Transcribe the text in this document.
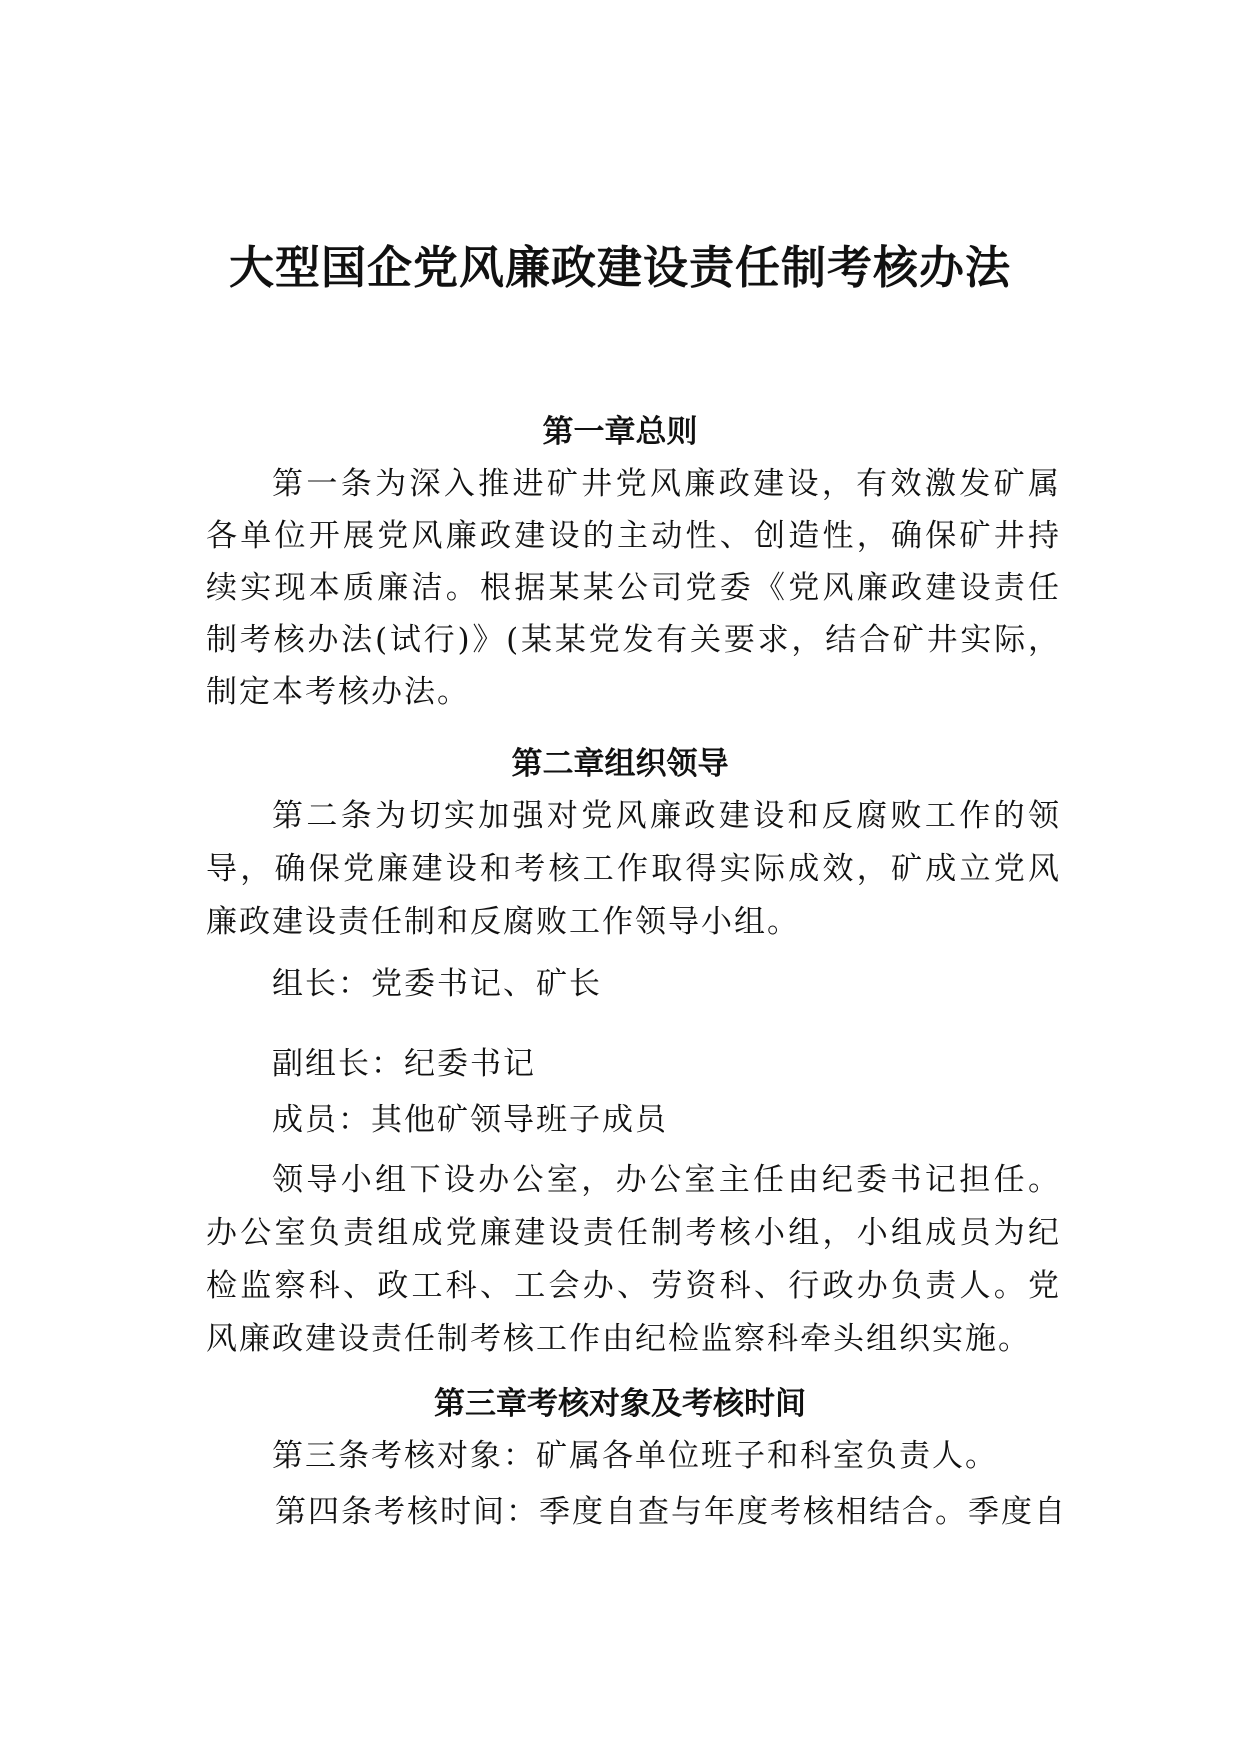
大型国企党风廉政建设责任制考核办法
第一章总则

第一条为深入推进矿井党风廉政建设，有效激发矿属各单位开展党风廉政建设的主动性、创造性，确保矿井持续实现本质廉洁。根据某某公司党委《党风廉政建设责任制考核办法(试行)》(某某党发有关要求，结合矿井实际，制定本考核办法。

第二章组织领导

第二条为切实加强对党风廉政建设和反腐败工作的领导，确保党廉建设和考核工作取得实际成效，矿成立党风廉政建设责任制和反腐败工作领导小组。

组长：党委书记、矿长
副组长：纪委书记
成员：其他矿领导班子成员

领导小组下设办公室，办公室主任由纪委书记担任。办公室负责组成党廉建设责任制考核小组，小组成员为纪检监察科、政工科、工会办、劳资科、行政办负责人。党风廉政建设责任制考核工作由纪检监察科牵头组织实施。

第三章考核对象及考核时间
第三条考核对象：矿属各单位班子和科室负责人。
第四条考核时间：季度自查与年度考核相结合。季度自
